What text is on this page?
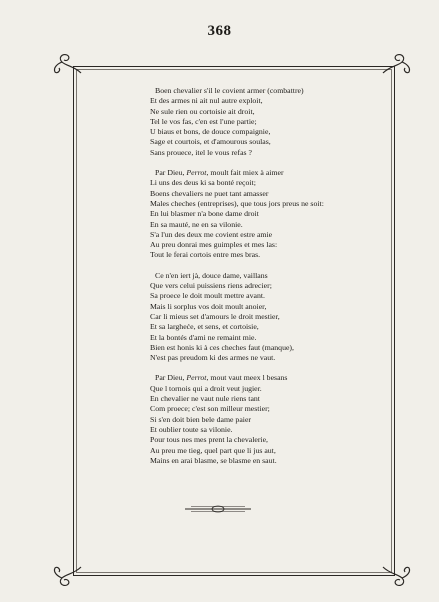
368
Boen chevalier s'il le covient armer (combattre)
Et des armes ni ait nul autre exploit,
Ne sule rien ou cortoisie ait droit,
Tel le vos fas, c'en est l'une partie;
U biaus et bons, de douce compaignie,
Sage et courtois, et d'amourous soulas,
Sans prouece, itel le vous refas ?
Par Dieu, Perrot, moult fait miex à aimer
Li uns des deus ki sa bonté reçoit;
Boens chevaliers ne puet tant amasser
Males cheches (entreprises), que tous jors preus ne soit:
En lui blasmer n'a bone dame droit
En sa mauté, ne en sa vilonie.
S'a l'un des deux me covient estre amie
Au preu donrai mes guimples et mes las:
Tout le ferai cortois entre mes bras.
Ce n'en iert jà, douce dame, vaillans
Que vers celui puissiens riens adrecier;
Sa proece le doit moult mettre avant.
Mais li sorplus vos doit moult anoier,
Car li mieus set d'amours le droit mestier,
Et sa largheće, et sens, et cortoisie,
Et la bontés d'ami ne remaint mie.
Bien est honis ki à ces cheches faut (manque),
N'est pas preudom ki des armes ne vaut.
Par Dieu, Perrot, mout vaut meex l besans
Que l tornois qui a droit veut jugier.
En chevalier ne vaut nule riens tant
Com proece; c'est son milleur mestier;
Si s'en doit bien bele dame paier
Et oublier toute sa vilonie.
Pour tous nes mes prent la chevalerie,
Au preu me tieg, quel part que li jus aut,
Mains en arai blasme, se blasme en saut.
